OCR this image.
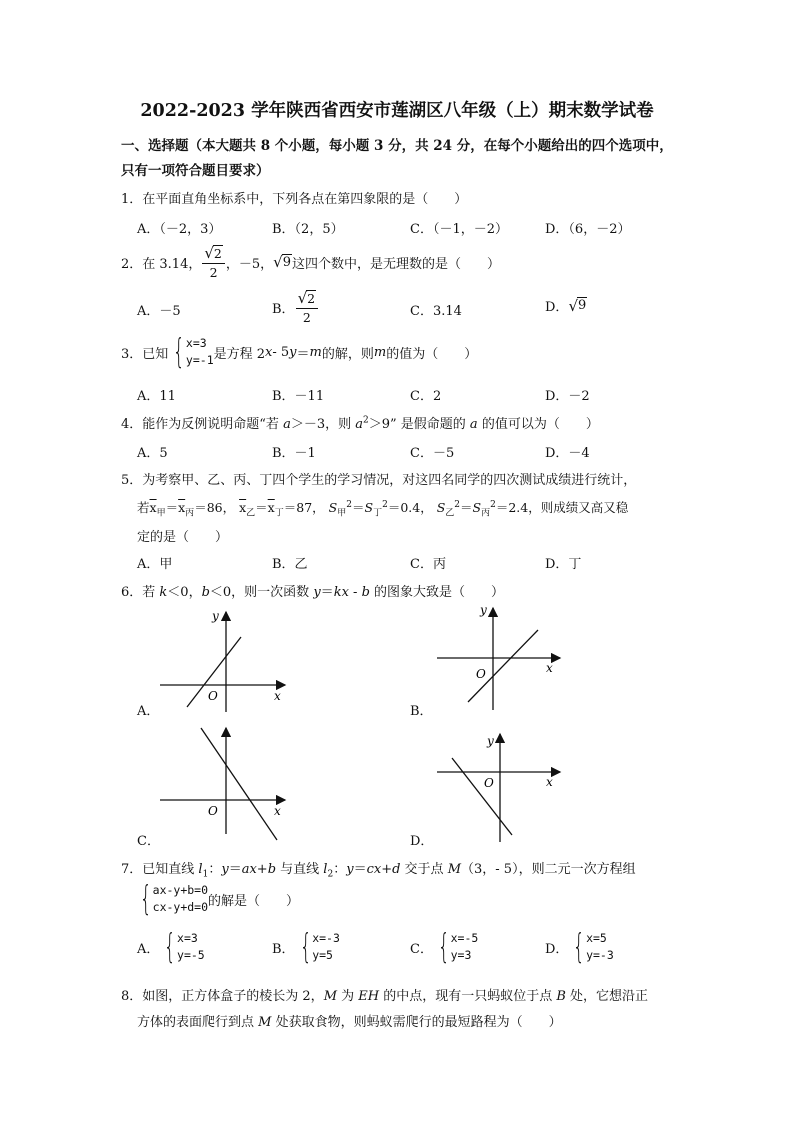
2022-2023 学年陕西省西安市莲湖区八年级（上）期末数学试卷
一、选择题（本大题共 8 个小题，每小题 3 分，共 24 分，在每个小题给出的四个选项中，
只有一项符合题目要求）
1．在平面直角坐标系中，下列各点在第四象限的是（　　）
A．（－2，3）	B．（2，5）	C．（－1，－2）	D．（6，－2）
2．在 3.14， $\frac{√ 2}{2}$ ，－5， √ 9 这四个数中，是无理数的是（　　）
A．－5	B． $\frac{√ 2}{2}$	C．3.14	D． √ 9
3．已知 { x=3
y=-1 是方程 2 x - 5 y ＝ m 的解，则 m 的值为（　　）
A．11	B．－11	C．2	D．－2
4．能作为反例说明命题“若 a＞－3，则 $a^2>9$” 是假命题的 a 的值可以为（　　）
A．5	B．－1	C．－5	D．－4
5．为考察甲、乙、丙、丁四个学生的学习情况，对这四名同学的四次测试成绩进行统计，
若$\overline{x}_甲=\overline{x}_丙=86$， $\overline{x}_乙=\overline{x}_丁=87$， $S_甲^2=S_丁^2=0.4$， $S_乙^2=S_丙^2=2.4$，则成绩又高又稳
定的是（　　）
A．甲	B．乙	C．丙	D．丁
6．若 k＜0，b＜0，则一次函数 y＝kx - b 的图象大致是（　　）
O	x
y
A．
O	x
y
B．
O	x
C．
O	x
y
D．
7．已知直线 $l_1$：y＝ax+b 与直线 $l_2$：y＝cx+d 交于点 M（3，- 5），则二元一次方程组
{ ax-y+b=0
cx-y+d=0 的解是（　　）
A． { x=3
y=-5	B． { x=-3
y=5	C． { x=-5
y=3	D． { x=5
y=-3
8．如图，正方体盒子的棱长为 2，M 为 EH 的中点，现有一只蚂蚁位于点 B 处，它想沿正
方体的表面爬行到点 M 处获取食物，则蚂蚁需爬行的最短路程为（　　）
